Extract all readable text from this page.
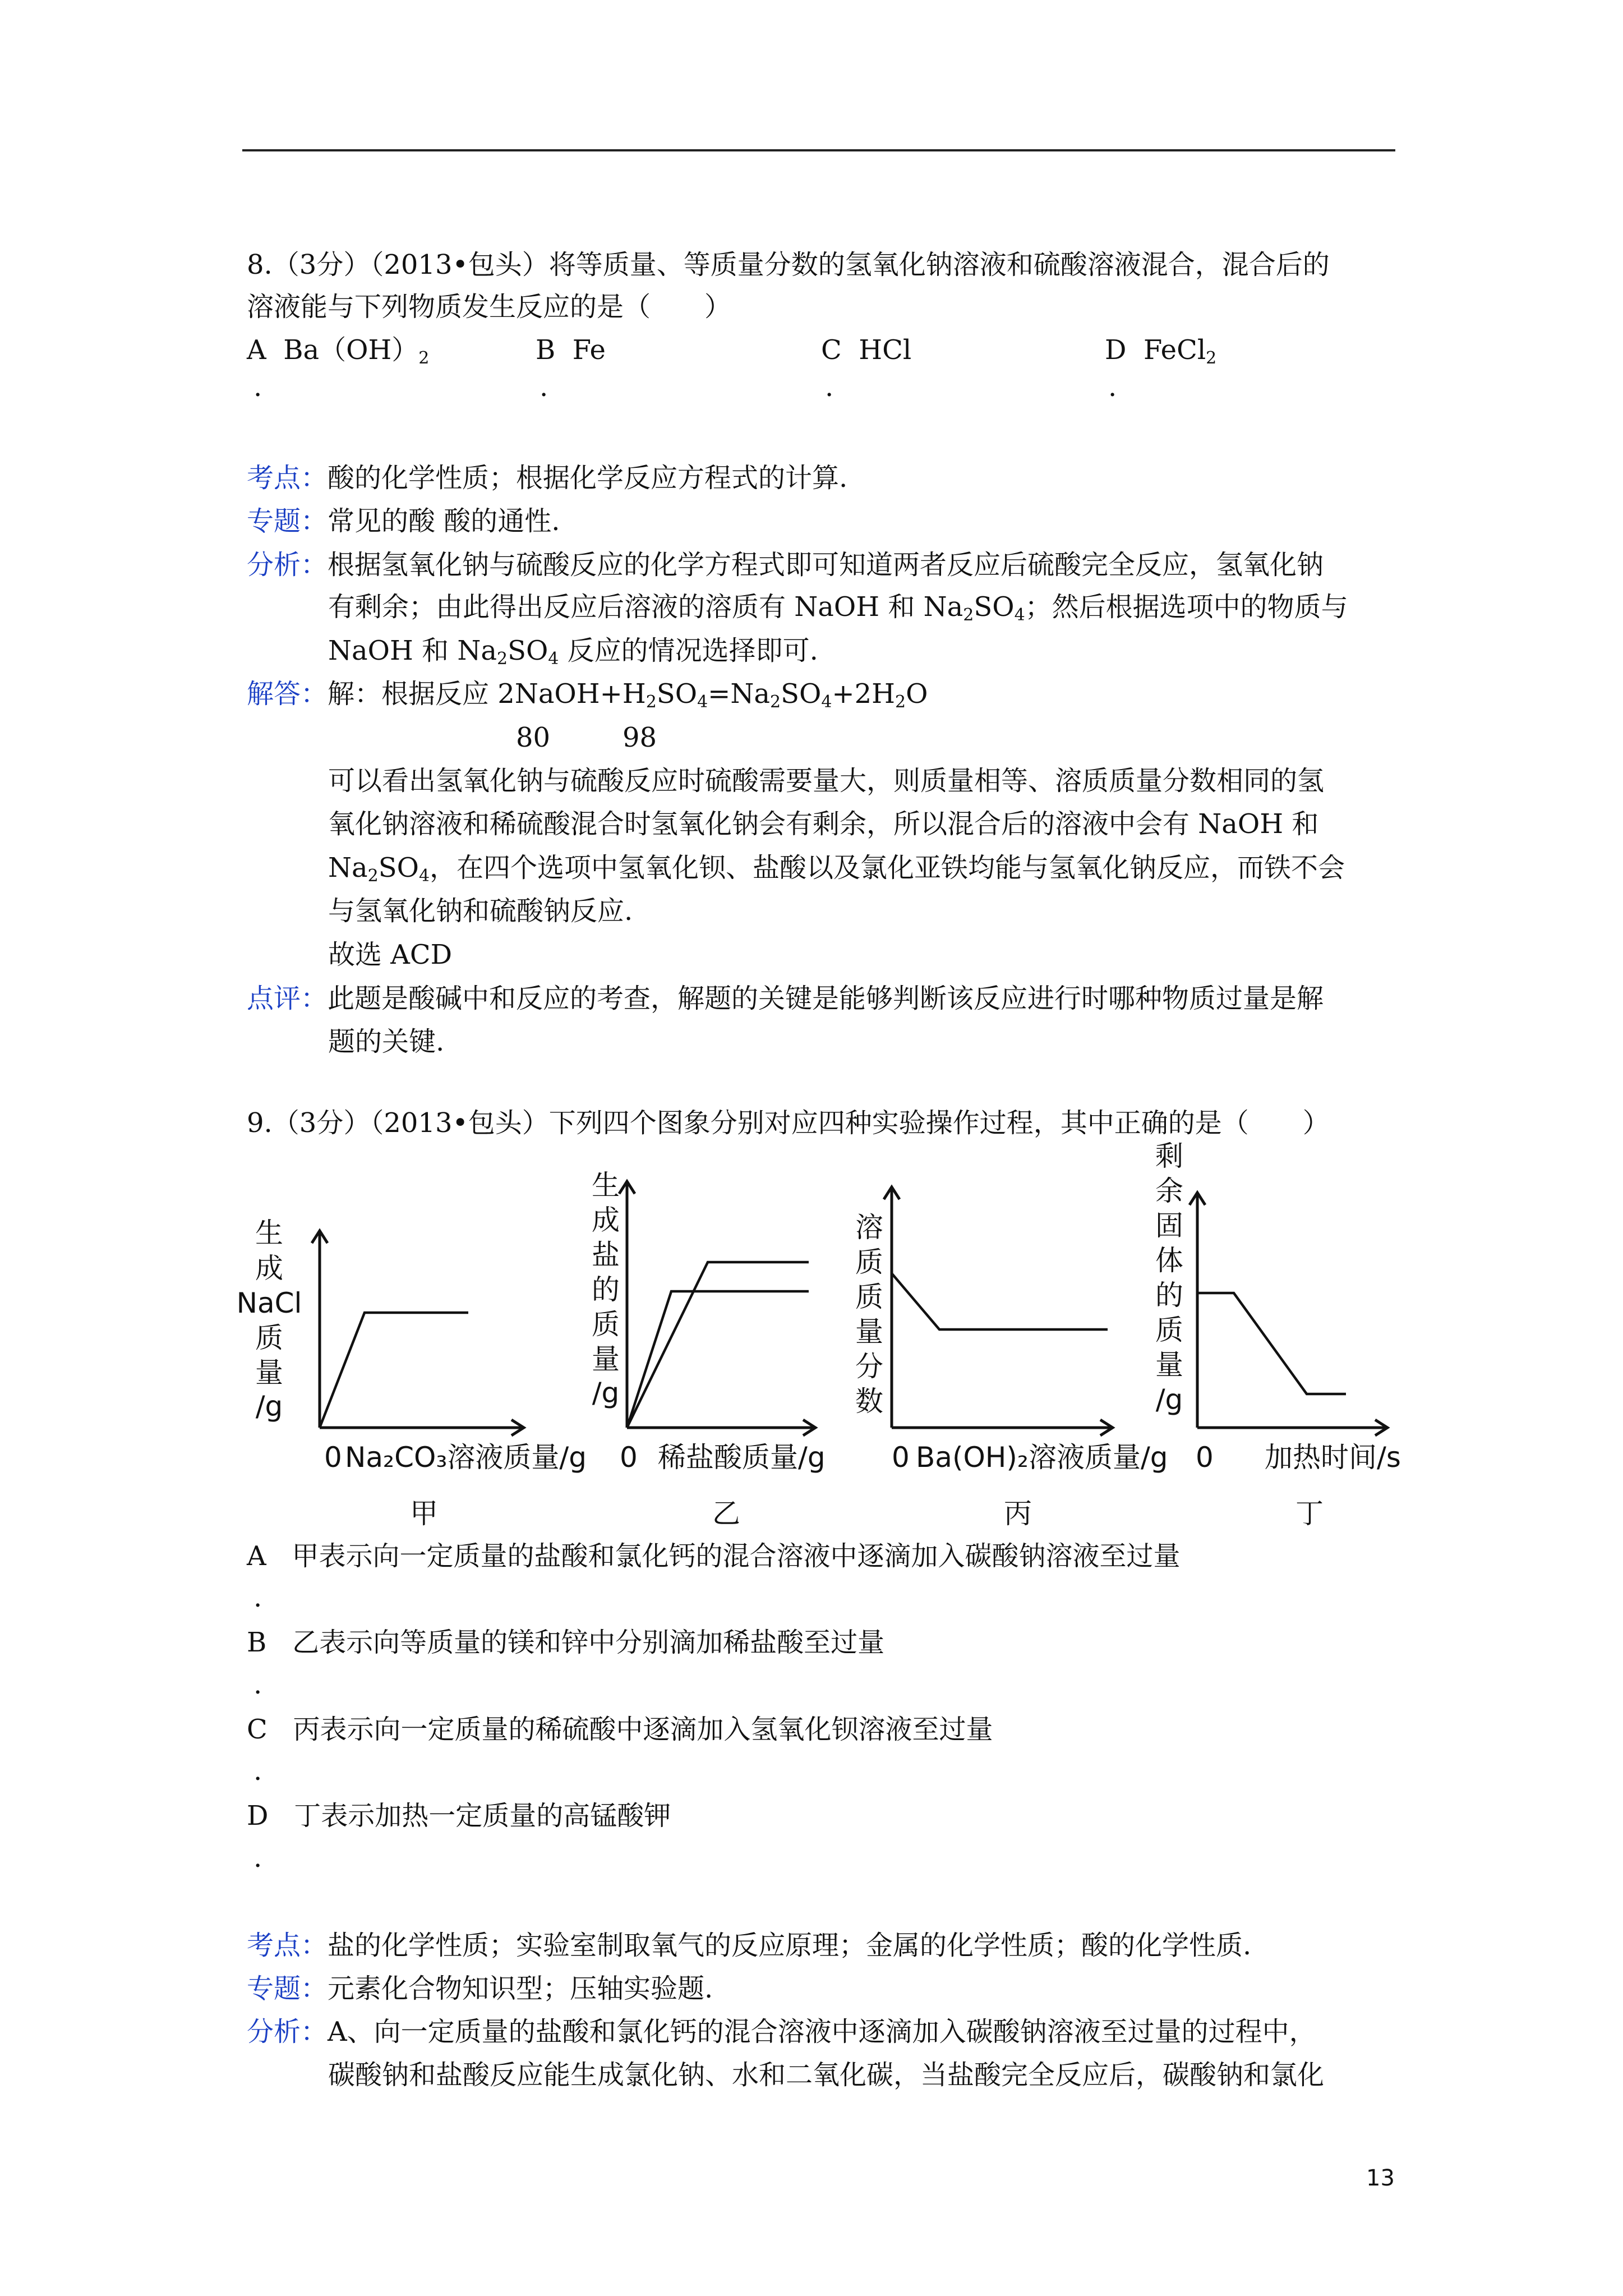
8.（3分）（2013•包头）将等质量、等质量分数的氢氧化钠溶液和硫酸溶液混合，混合后的
溶液能与下列物质发生反应的是（　　）
A $Ba(OH)_2$	B Fe	C HCl	D FeCl$_2$
.	.	.	.
考点：酸的化学性质；根据化学反应方程式的计算.
专题：常见的酸 酸的通性.
分析：根据氢氧化钠与硫酸反应的化学方程式即可知道两者反应后硫酸完全反应，氢氧化钠
有剩余；由此得出反应后溶液的溶质有 NaOH 和 $Na_2SO_4$；然后根据选项中的物质与
NaOH 和 $Na_2SO_4$ 反应的情况选择即可.
解答：解：根据反应 $2NaOH+H_2SO_4=Na_2SO_4+2H_2O$
80	98
可以看出氢氧化钠与硫酸反应时硫酸需要量大，则质量相等、溶质质量分数相同的氢
氧化钠溶液和稀硫酸混合时氢氧化钠会有剩余，所以混合后的溶液中会有 NaOH 和
$Na_2SO_4$，在四个选项中氢氧化钡、盐酸以及氯化亚铁均能与氢氧化钠反应，而铁不会
与氢氧化钠和硫酸钠反应.
故选 ACD
点评：此题是酸碱中和反应的考查，解题的关键是能够判断该反应进行时哪种物质过量是解
题的关键.
9.（3分）（2013•包头）下列四个图象分别对应四种实验操作过程，其中正确的是（　　）
生
成
NaCl
质
量
/g
0 Na₂CO₃溶液质量/g
甲
生
成
盐
的
质
量
/g
0 稀盐酸质量/g
乙
溶
质
质
量
分
数
0 Ba(OH)₂溶液质量/g
丙
剩
余
固
体
的
质
量
/g
0 加热时间/s
丁
A 甲表示向一定质量的盐酸和氯化钙的混合溶液中逐滴加入碳酸钠溶液至过量
.
B 乙表示向等质量的镁和锌中分别滴加稀盐酸至过量
.
C 丙表示向一定质量的稀硫酸中逐滴加入氢氧化钡溶液至过量
.
D 丁表示加热一定质量的高锰酸钾
.
考点：盐的化学性质；实验室制取氧气的反应原理；金属的化学性质；酸的化学性质.
专题：元素化合物知识型；压轴实验题.
分析：A、向一定质量的盐酸和氯化钙的混合溶液中逐滴加入碳酸钠溶液至过量的过程中，
碳酸钠和盐酸反应能生成氯化钠、水和二氧化碳，当盐酸完全反应后，碳酸钠和氯化
13
